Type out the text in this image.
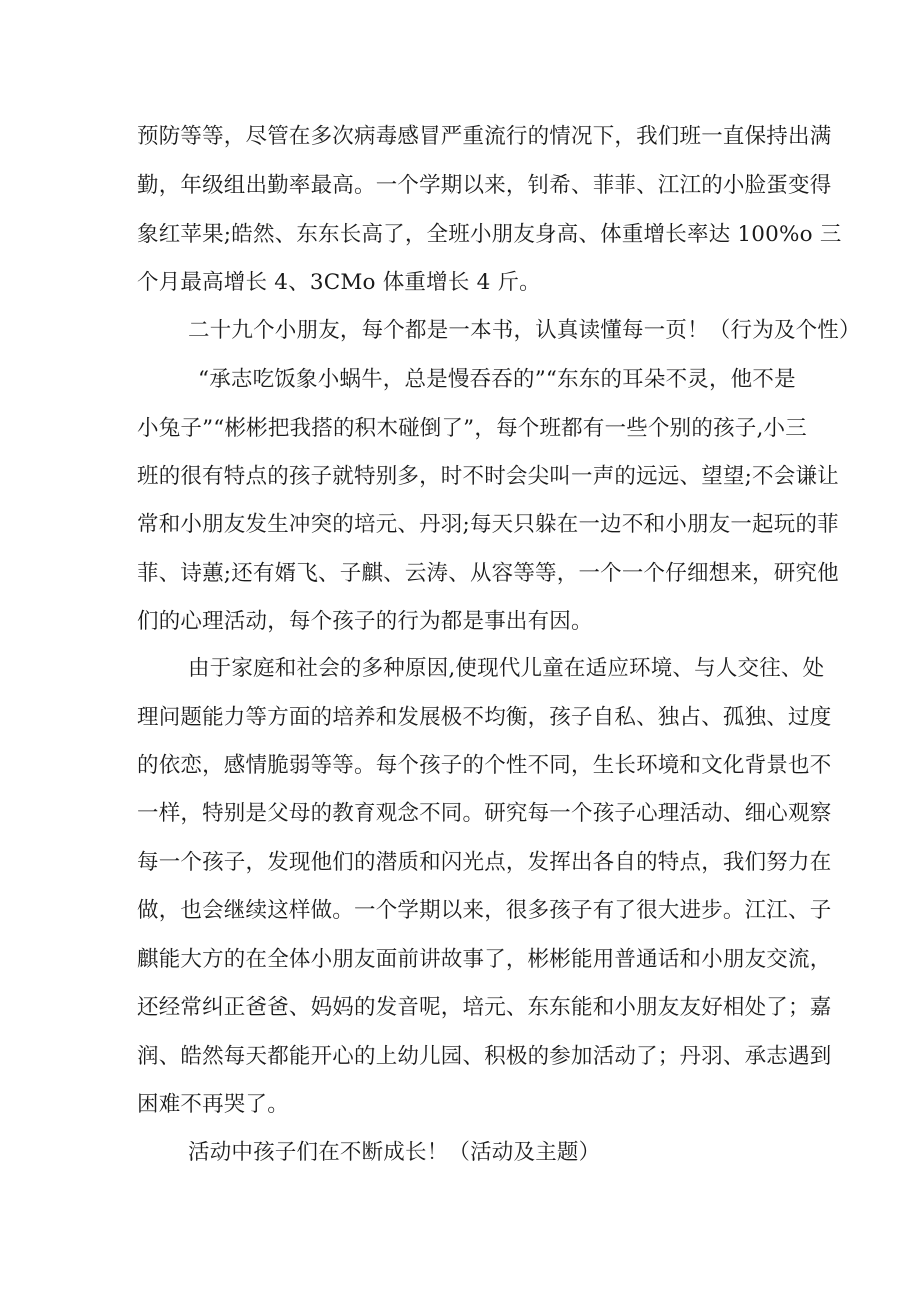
预防等等，尽管在多次病毒感冒严重流行的情况下，我们班一直保持出满
勤，年级组出勤率最高。一个学期以来，钊希、菲菲、江江的小脸蛋变得
象红苹果;皓然、东东长高了，全班小朋友身高、体重增长率达 100%o 三
个月最高增长 4、3CMo 体重增长 4 斤。
二十九个小朋友，每个都是一本书，认真读懂每一页！（行为及个性）
“承志吃饭象小蜗牛，总是慢吞吞的”“东东的耳朵不灵，他不是
小兔子”“彬彬把我搭的积木碰倒了”，每个班都有一些个别的孩子,小三
班的很有特点的孩子就特别多，时不时会尖叫一声的远远、望望;不会谦让
常和小朋友发生冲突的培元、丹羽;每天只躲在一边不和小朋友一起玩的菲
菲、诗蕙;还有婿飞、子麒、云涛、从容等等，一个一个仔细想来，研究他
们的心理活动，每个孩子的行为都是事出有因。
由于家庭和社会的多种原因,使现代儿童在适应环境、与人交往、处
理问题能力等方面的培养和发展极不均衡，孩子自私、独占、孤独、过度
的依恋，感情脆弱等等。每个孩子的个性不同，生长环境和文化背景也不
一样，特别是父母的教育观念不同。研究每一个孩子心理活动、细心观察
每一个孩子，发现他们的潜质和闪光点，发挥出各自的特点，我们努力在
做，也会继续这样做。一个学期以来，很多孩子有了很大进步。江江、子
麒能大方的在全体小朋友面前讲故事了，彬彬能用普通话和小朋友交流，
还经常纠正爸爸、妈妈的发音呢，培元、东东能和小朋友友好相处了；嘉
润、皓然每天都能开心的上幼儿园、积极的参加活动了；丹羽、承志遇到
困难不再哭了。
活动中孩子们在不断成长！（活动及主题）
